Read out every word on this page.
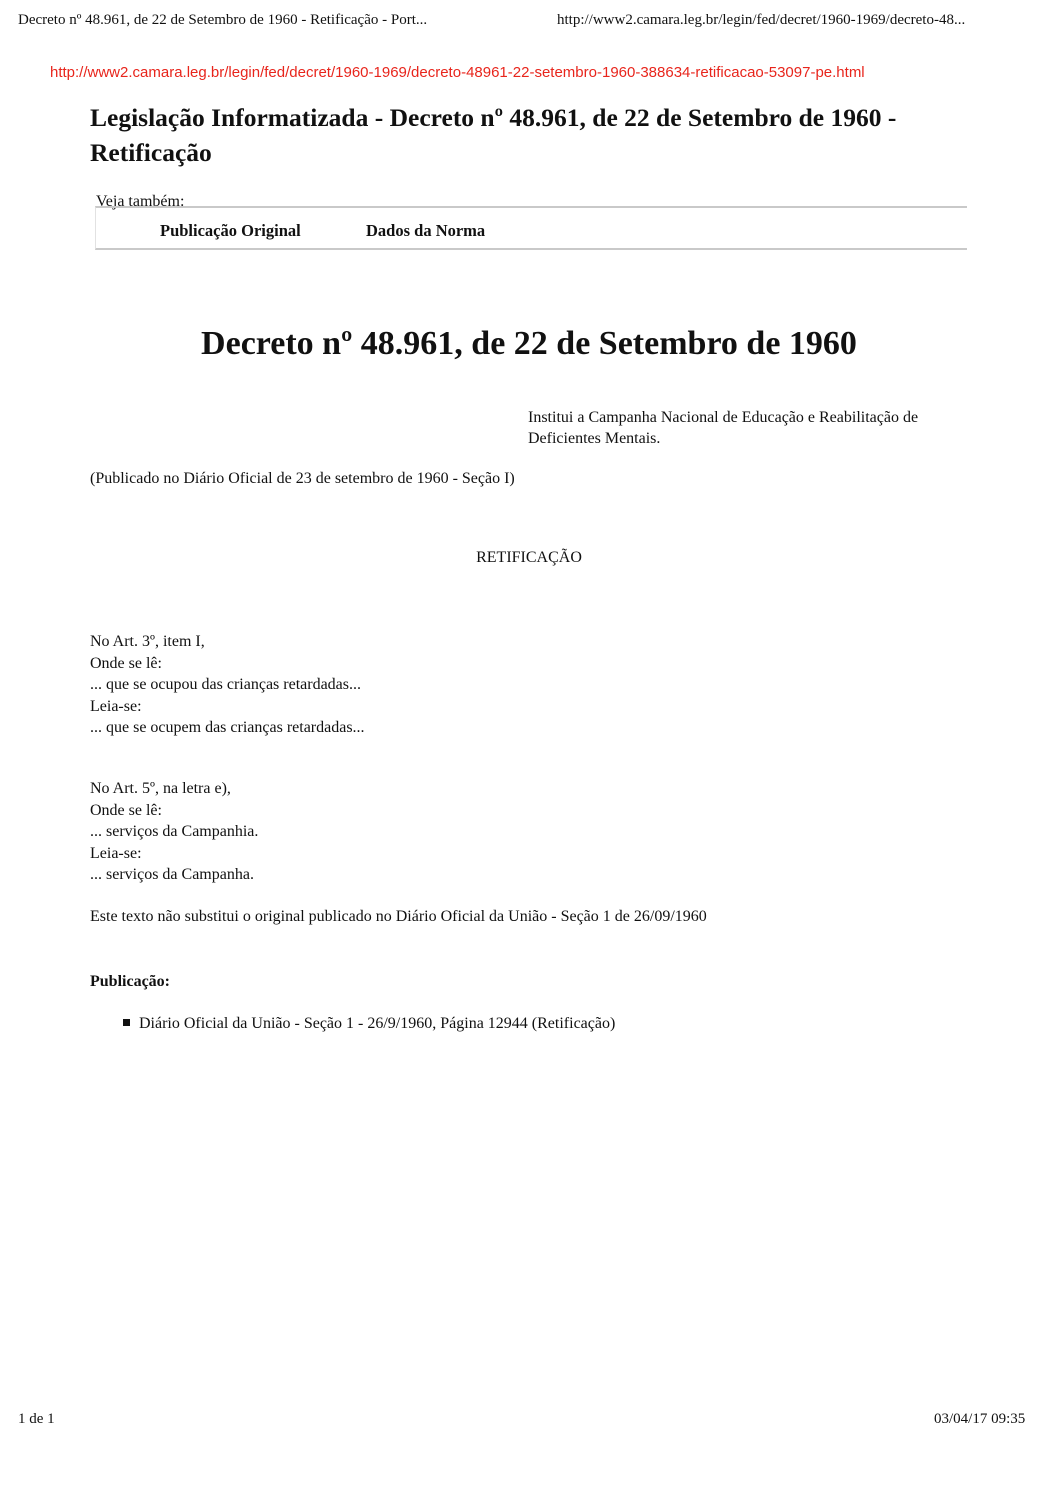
Decreto nº 48.961, de 22 de Setembro de 1960 - Retificação - Port...	http://www2.camara.leg.br/legin/fed/decret/1960-1969/decreto-48...
http://www2.camara.leg.br/legin/fed/decret/1960-1969/decreto-48961-22-setembro-1960-388634-retificacao-53097-pe.html
Legislação Informatizada - Decreto nº 48.961, de 22 de Setembro de 1960 - Retificação
Veja também:
Publicação Original	Dados da Norma
Decreto nº 48.961, de 22 de Setembro de 1960
Institui a Campanha Nacional de Educação e Reabilitação de Deficientes Mentais.
(Publicado no Diário Oficial de 23 de setembro de 1960 - Seção I)
RETIFICAÇÃO
No Art. 3º, item I,
Onde se lê:
... que se ocupou das crianças retardadas...
Leia-se:
... que se ocupem das crianças retardadas...
No Art. 5º, na letra e),
Onde se lê:
... serviços da Campanhia.
Leia-se:
... serviços da Campanha.
Este texto não substitui o original publicado no Diário Oficial da União - Seção 1 de 26/09/1960
Publicação:
Diário Oficial da União - Seção 1 - 26/9/1960, Página 12944 (Retificação)
1 de 1	03/04/17 09:35
